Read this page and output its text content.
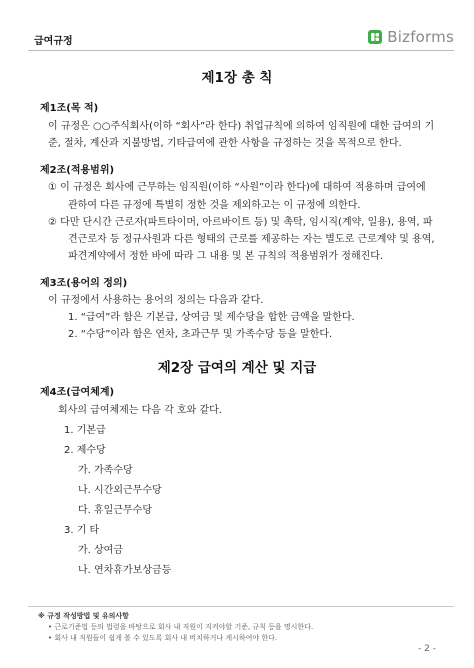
급여규정	Bizforms
제1장 총 칙
제1조(목 적)
이 규정은 ○○주식회사(이하 “회사”라 한다) 취업규칙에 의하여 임직원에 대한 급여의 기
준, 절차, 계산과 지불방법, 기타급여에 관한 사항을 규정하는 것을 목적으로 한다.
제2조(적용범위)
① 이 규정은 회사에 근무하는 임직원(이하 “사원”이라 한다)에 대하여 적용하며 급여에
관하여 다른 규정에 특별히 정한 것을 제외하고는 이 규정에 의한다.
② 다만 단시간 근로자(파트타이머, 아르바이트 등) 및 촉탁, 임시직(계약, 일용), 용역, 파
견근로자 등 정규사원과 다른 형태의 근로를 제공하는 자는 별도로 근로계약 및 용역,
파견계약에서 정한 바에 따라 그 내용 및 본 규칙의 적용범위가 정해진다.
제3조(용어의 정의)
이 규정에서 사용하는 용어의 정의는 다음과 같다.
1. “급여”라 함은 기본급, 상여금 및 제수당을 합한 금액을 말한다.
2. “수당”이라 함은 연차, 초과근무 및 가족수당 등을 말한다.
제2장 급여의 계산 및 지급
제4조(급여체계)
회사의 급여체제는 다음 각 호와 같다.
1. 기본급
2. 제수당
가. 가족수당
나. 시간외근무수당
다. 휴일근무수당
3. 기 타
가. 상여금
나. 연차휴가보상금등
※ 규정 작성방법 및 유의사항
• 근로기준법 등의 법령을 바탕으로 회사 내 직원이 지켜야할 기준, 규칙 등을 명시한다.
• 회사 내 직원들이 쉽게 볼 수 있도록 회사 내 비치하거나 게시하여야 한다.
- 2 -
